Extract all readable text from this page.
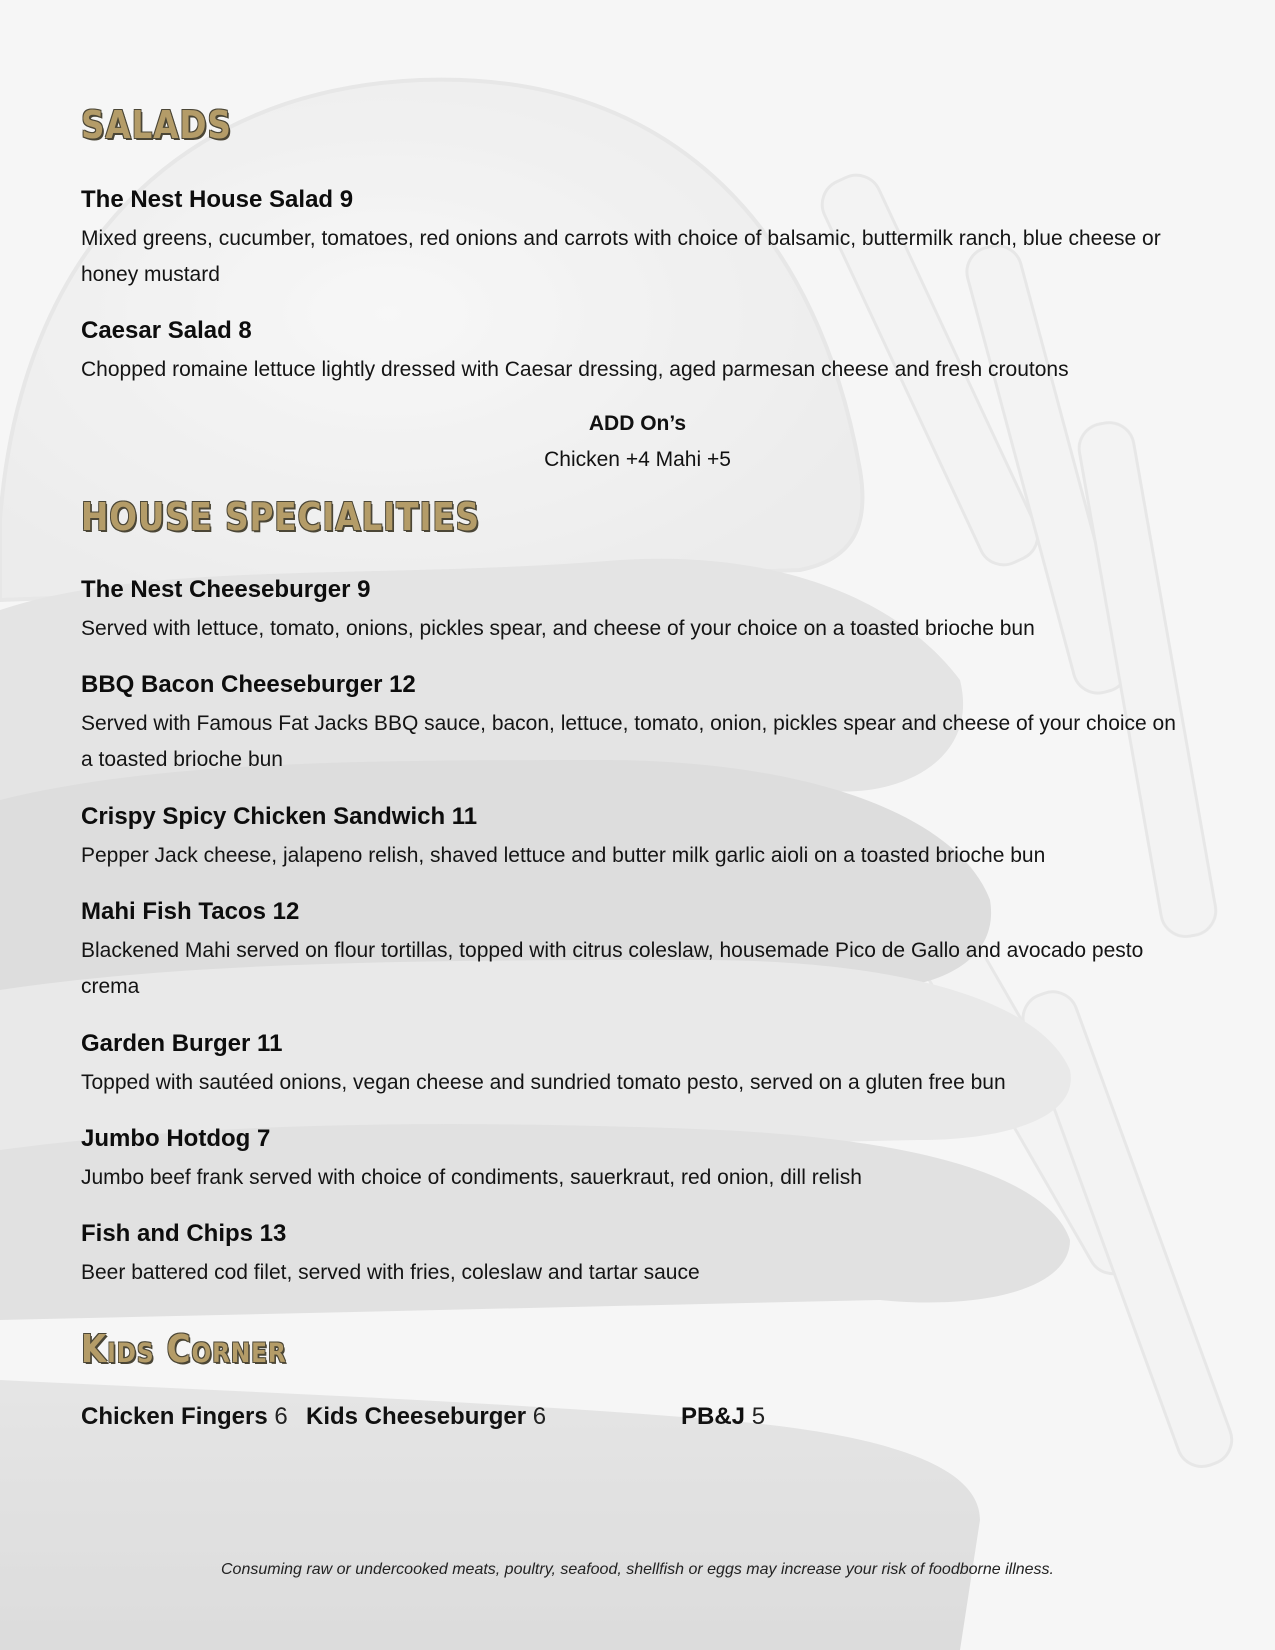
SALADS

The Nest House Salad 9

Mixed greens, cucumber, tomatoes, red onions and carrots with choice of balsamic, buttermilk ranch, blue cheese or honey mustard

Caesar Salad 8

Chopped romaine lettuce lightly dressed with Caesar dressing, aged parmesan cheese and fresh croutons

ADD On’s

Chicken +4 Mahi +5

HOUSE SPECIALITIES

The Nest Cheeseburger 9

Served with lettuce, tomato, onions, pickles spear, and cheese of your choice on a toasted brioche bun

BBQ Bacon Cheeseburger 12

Served with Famous Fat Jacks BBQ sauce, bacon, lettuce, tomato, onion, pickles spear and cheese of your choice on a toasted brioche bun

Crispy Spicy Chicken Sandwich 11

Pepper Jack cheese, jalapeno relish, shaved lettuce and butter milk garlic aioli on a toasted brioche bun

Mahi Fish Tacos 12

Blackened Mahi served on flour tortillas, topped with citrus coleslaw, housemade Pico de Gallo and avocado pesto crema

Garden Burger 11

Topped with sautéed onions, vegan cheese and sundried tomato pesto, served on a gluten free bun

Jumbo Hotdog 7

Jumbo beef frank served with choice of condiments, sauerkraut, red onion, dill relish

Fish and Chips 13

Beer battered cod filet, served with fries, coleslaw and tartar sauce

Kids Corner
Chicken Fingers 6 Kids Cheeseburger 6	PB&J 5
Consuming raw or undercooked meats, poultry, seafood, shellfish or eggs may increase your risk of foodborne illness.
